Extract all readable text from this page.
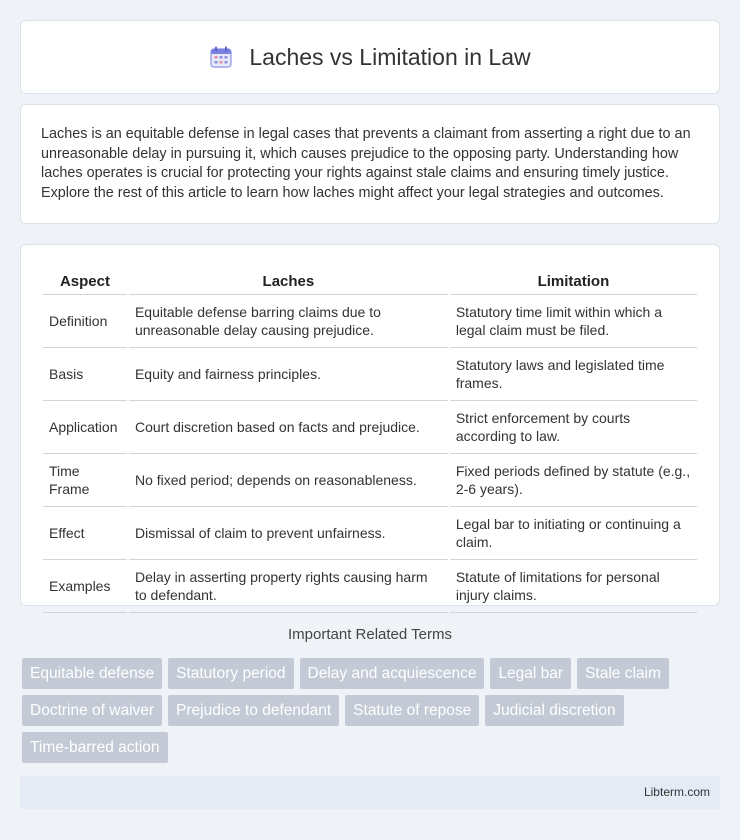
Laches vs Limitation in Law

Laches is an equitable defense in legal cases that prevents a claimant from asserting a right due to an unreasonable delay in pursuing it, which causes prejudice to the opposing party. Understanding how laches operates is crucial for protecting your rights against stale claims and ensuring timely justice. Explore the rest of this article to learn how laches might affect your legal strategies and outcomes.

Aspect	Laches	Limitation
Definition	Equitable defense barring claims due to unreasonable delay causing prejudice.	Statutory time limit within which a legal claim must be filed.
Basis	Equity and fairness principles.	Statutory laws and legislated time frames.
Application	Court discretion based on facts and prejudice.	Strict enforcement by courts according to law.
Time Frame	No fixed period; depends on reasonableness.	Fixed periods defined by statute (e.g., 2-6 years).
Effect	Dismissal of claim to prevent unfairness.	Legal bar to initiating or continuing a claim.
Examples	Delay in asserting property rights causing harm to defendant.	Statute of limitations for personal injury claims.
Important Related Terms
Equitable defense	Statutory period	Delay and acquiescence	Legal bar	Stale claim
Doctrine of waiver	Prejudice to defendant	Statute of repose	Judicial discretion
Time-barred action
Libterm.com
